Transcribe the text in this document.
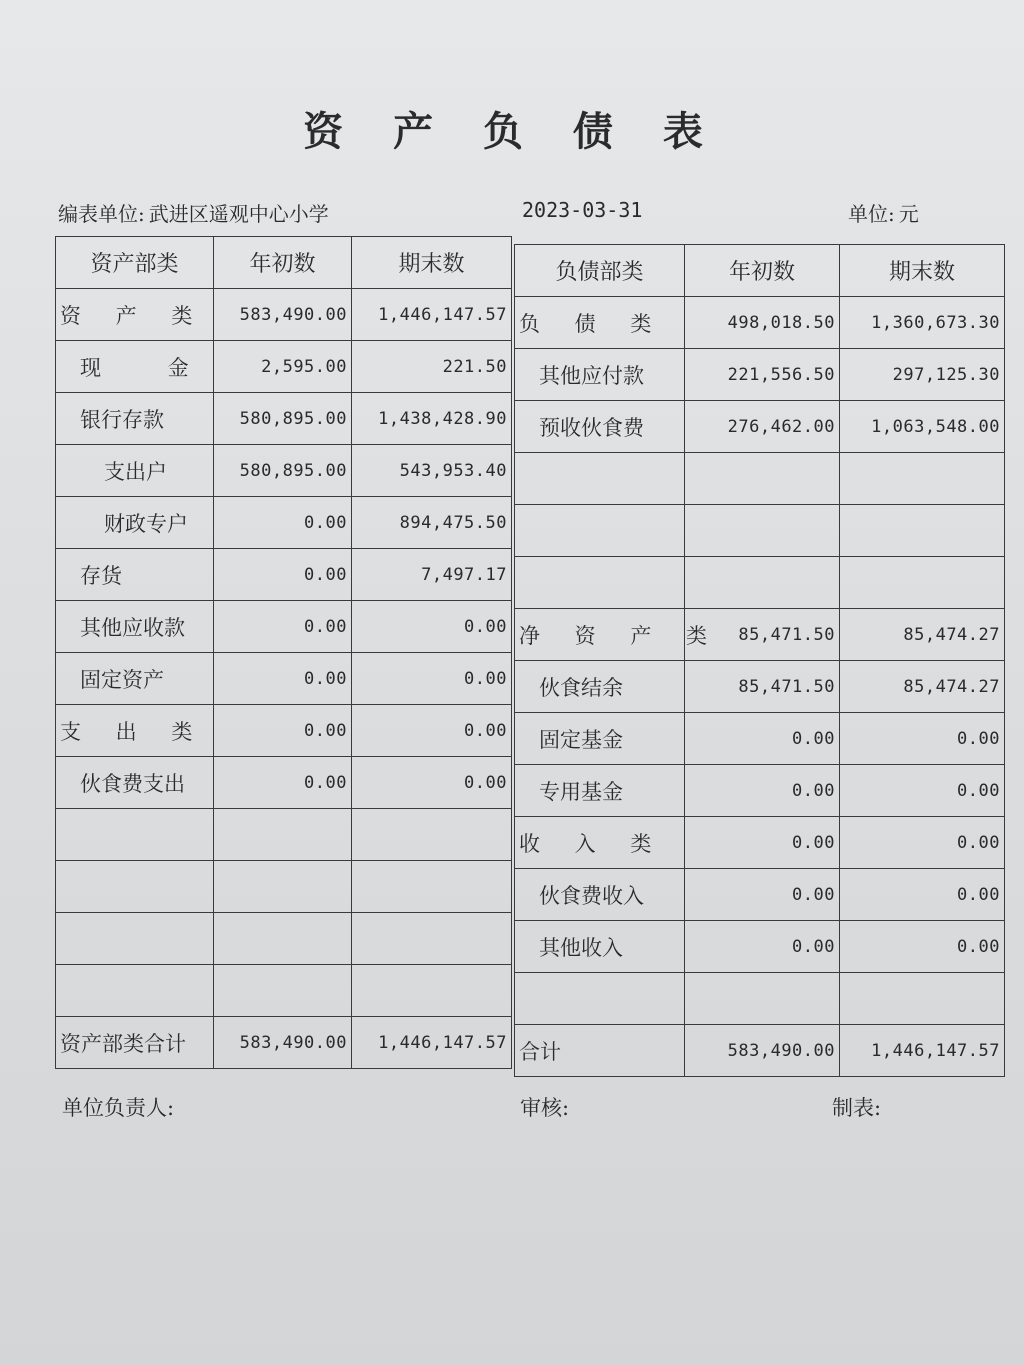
资 产 负 债 表
编表单位: 武进区遥观中心小学	2023-03-31	单位: 元
资产部类	年初数	期末数
资 产 类	583,490.00	1,446,147.57
现 金	2,595.00	221.50
银行存款	580,895.00	1,438,428.90
支出户	580,895.00	543,953.40
财政专户	0.00	894,475.50
存货	0.00	7,497.17
其他应收款	0.00	0.00
固定资产	0.00	0.00
支 出 类	0.00	0.00
伙食费支出	0.00	0.00

资产部类合计	583,490.00	1,446,147.57
负债部类	年初数	期末数
负 债 类	498,018.50	1,360,673.30
其他应付款	221,556.50	297,125.30
预收伙食费	276,462.00	1,063,548.00

净 资 产 类	85,471.50	85,474.27
伙食结余	85,471.50	85,474.27
固定基金	0.00	0.00
专用基金	0.00	0.00
收 入 类	0.00	0.00
伙食费收入	0.00	0.00
其他收入	0.00	0.00

合计	583,490.00	1,446,147.57
单位负责人:	审核:	制表:
